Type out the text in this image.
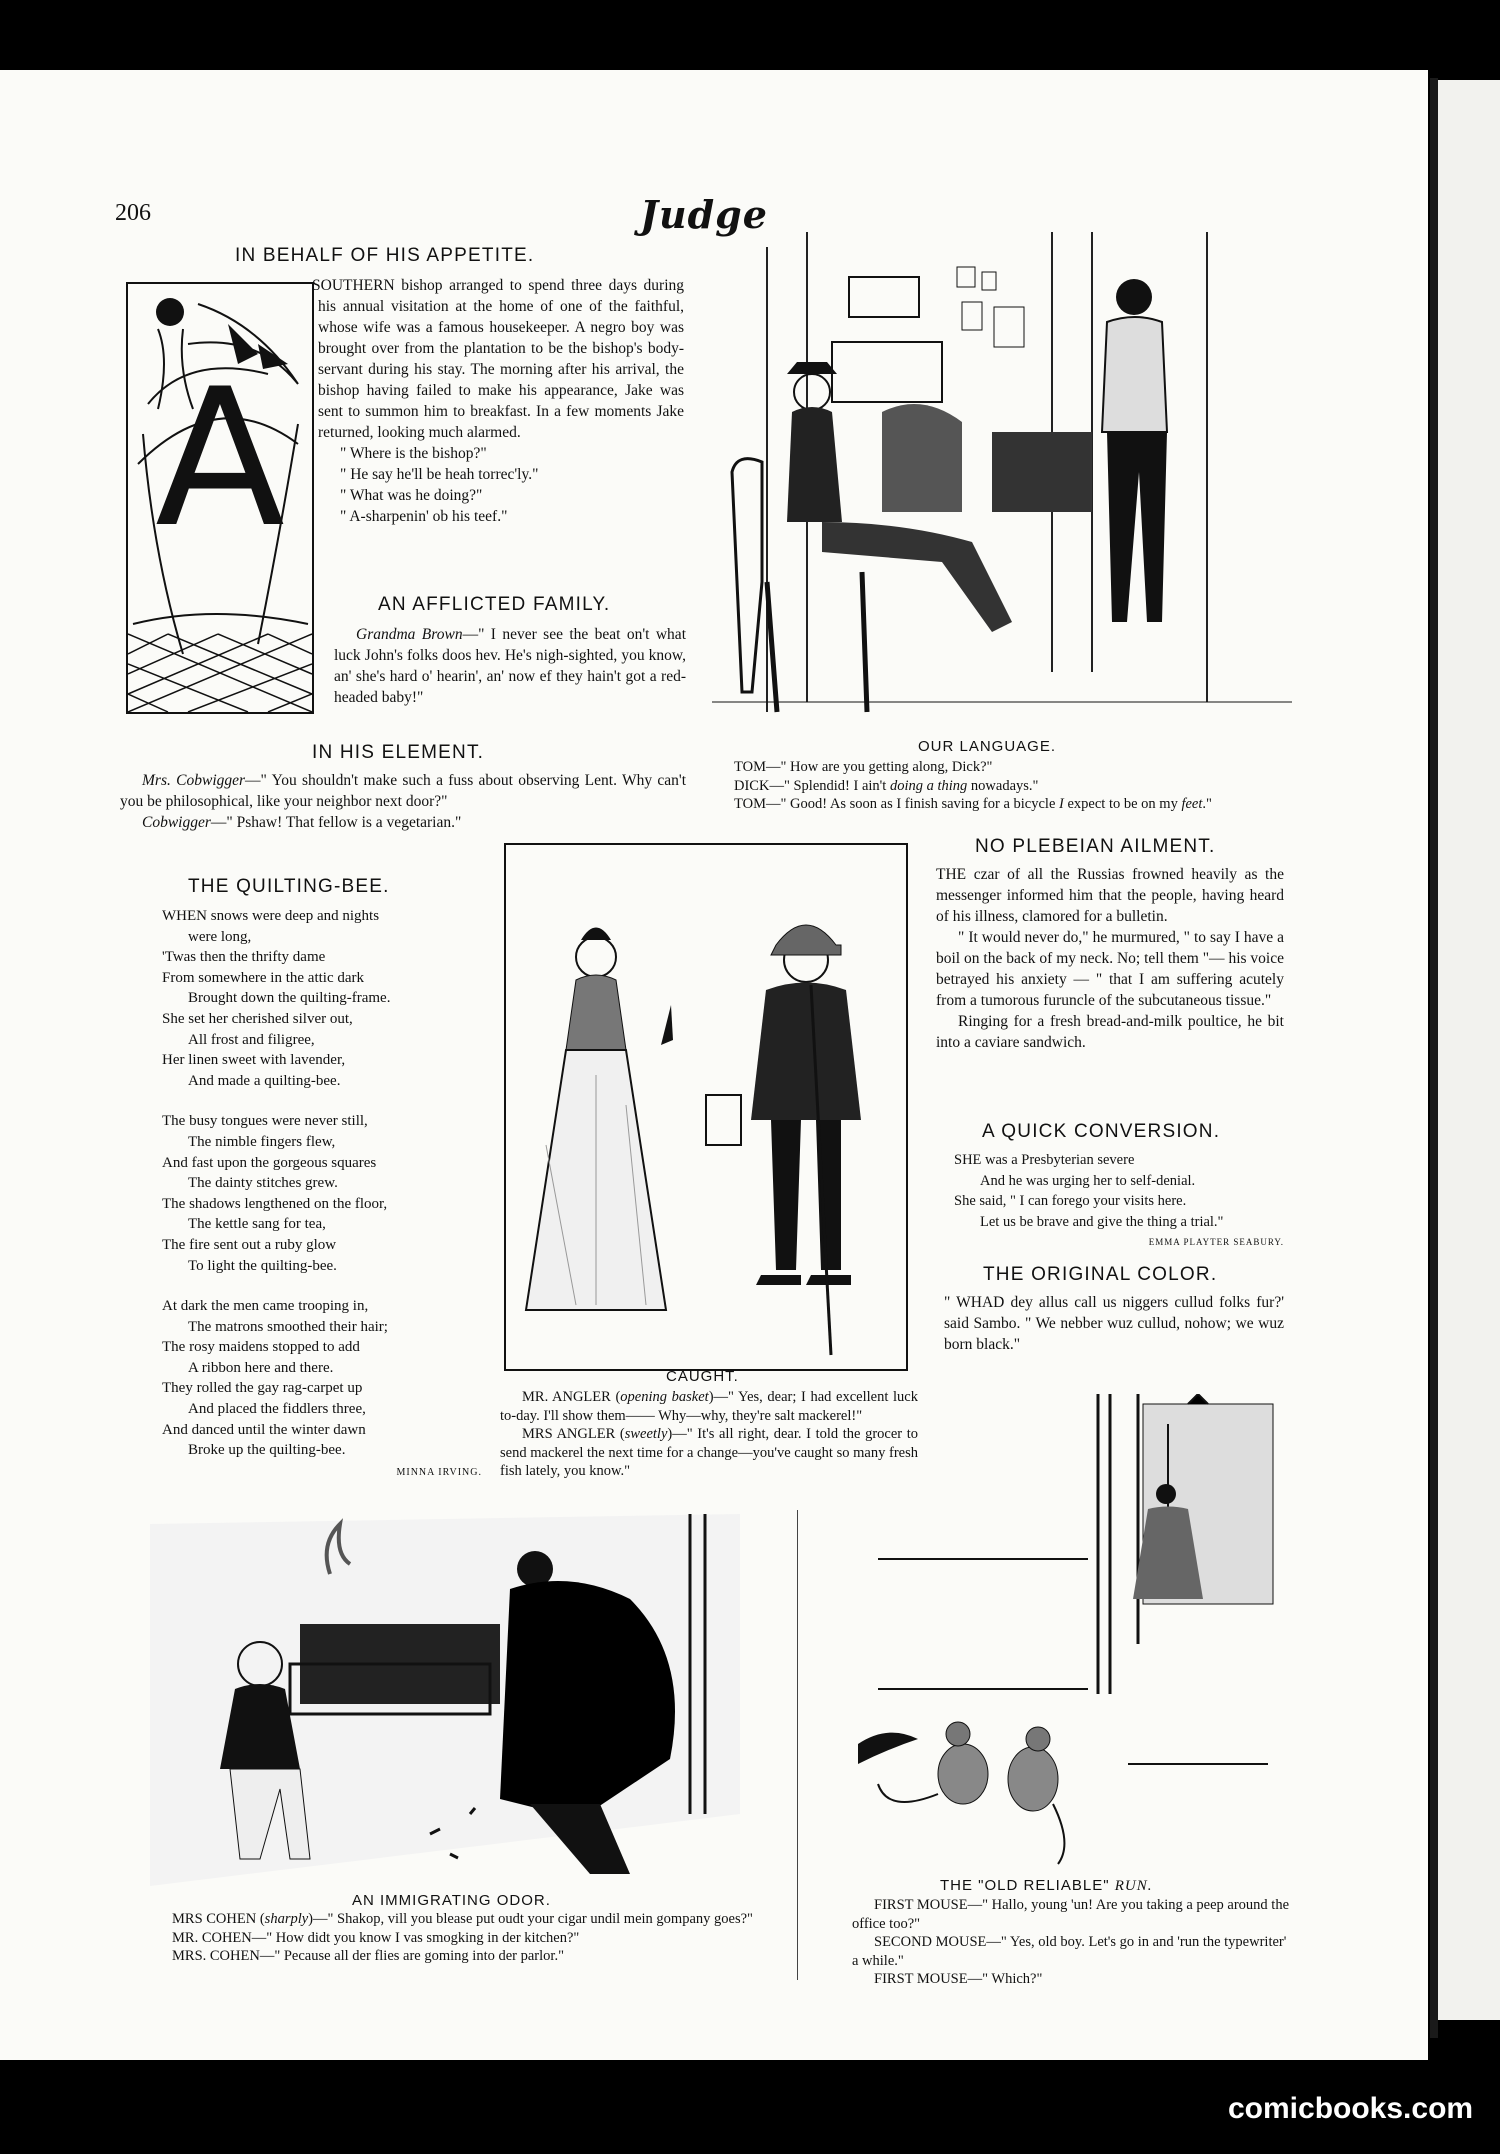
206	Judge
IN BEHALF OF HIS APPETITE.
A

SOUTHERN bishop arranged to spend three days during his annual visitation at the home of one of the faithful, whose wife was a famous housekeeper. A negro boy was brought over from the plantation to be the bishop's body-servant during his stay. The morning after his arrival, the bishop having failed to make his appearance, Jake was sent to summon him to breakfast. In a few moments Jake returned, looking much alarmed.

" Where is the bishop?"

" He say he'll be heah torrec'ly."

" What was he doing?"

" A-sharpenin' ob his teef."

AN AFFLICTED FAMILY.

Grandma Brown—" I never see the beat on't what luck John's folks doos hev. He's nigh-sighted, you know, an' she's hard o' hearin', an' now ef they hain't got a red-headed baby!"

IN HIS ELEMENT.

Mrs. Cobwigger—" You shouldn't make such a fuss about observing Lent. Why can't you be philosophical, like your neighbor next door?"

Cobwigger—" Pshaw! That fellow is a vegetarian."

OUR LANGUAGE.

TOM—" How are you getting along, Dick?"

DICK—" Splendid! I ain't doing a thing nowadays."

TOM—" Good! As soon as I finish saving for a bicycle I expect to be on my feet."

THE QUILTING-BEE.
WHEN snows were deep and nights
were long,
'Twas then the thrifty dame
From somewhere in the attic dark
Brought down the quilting-frame.
She set her cherished silver out,
All frost and filigree,
Her linen sweet with lavender,
And made a quilting-bee.
The busy tongues were never still,
The nimble fingers flew,
And fast upon the gorgeous squares
The dainty stitches grew.
The shadows lengthened on the floor,
The kettle sang for tea,
The fire sent out a ruby glow
To light the quilting-bee.
At dark the men came trooping in,
The matrons smoothed their hair;
The rosy maidens stopped to add
A ribbon here and there.
They rolled the gay rag-carpet up
And placed the fiddlers three,
And danced until the winter dawn
Broke up the quilting-bee.
MINNA IRVING.
CAUGHT.

MR. ANGLER (opening basket)—" Yes, dear; I had excellent luck to-day. I'll show them—— Why—why, they're salt mackerel!"

MRS ANGLER (sweetly)—" It's all right, dear. I told the grocer to send mackerel the next time for a change—you've caught so many fresh fish lately, you know."

NO PLEBEIAN AILMENT.

THE czar of all the Russias frowned heavily as the messenger informed him that the people, having heard of his illness, clamored for a bulletin.

" It would never do," he murmured, " to say I have a boil on the back of my neck. No; tell them "— his voice betrayed his anxiety — " that I am suffering acutely from a tumorous furuncle of the subcutaneous tissue."

Ringing for a fresh bread-and-milk poultice, he bit into a caviare sandwich.

A QUICK CONVERSION.
SHE was a Presbyterian severe
And he was urging her to self-denial.
She said, " I can forego your visits here.
Let us be brave and give the thing a trial."
EMMA PLAYTER SEABURY.
THE ORIGINAL COLOR.
" WHAD dey allus call us niggers cullud folks fur?' said Sambo. " We nebber wuz cullud, nohow; we wuz born black."
AN IMMIGRATING ODOR.

MRS COHEN (sharply)—" Shakop, vill you blease put oudt your cigar undil mein gompany goes?"

MR. COHEN—" How didt you know I vas smogking in der kitchen?"

MRS. COHEN—" Pecause all der flies are goming into der parlor."

THE "OLD RELIABLE" RUN.

FIRST MOUSE—" Hallo, young 'un! Are you taking a peep around the office too?"

SECOND MOUSE—" Yes, old boy. Let's go in and 'run the typewriter' a while."

FIRST MOUSE—" Which?"

comicbooks.com
